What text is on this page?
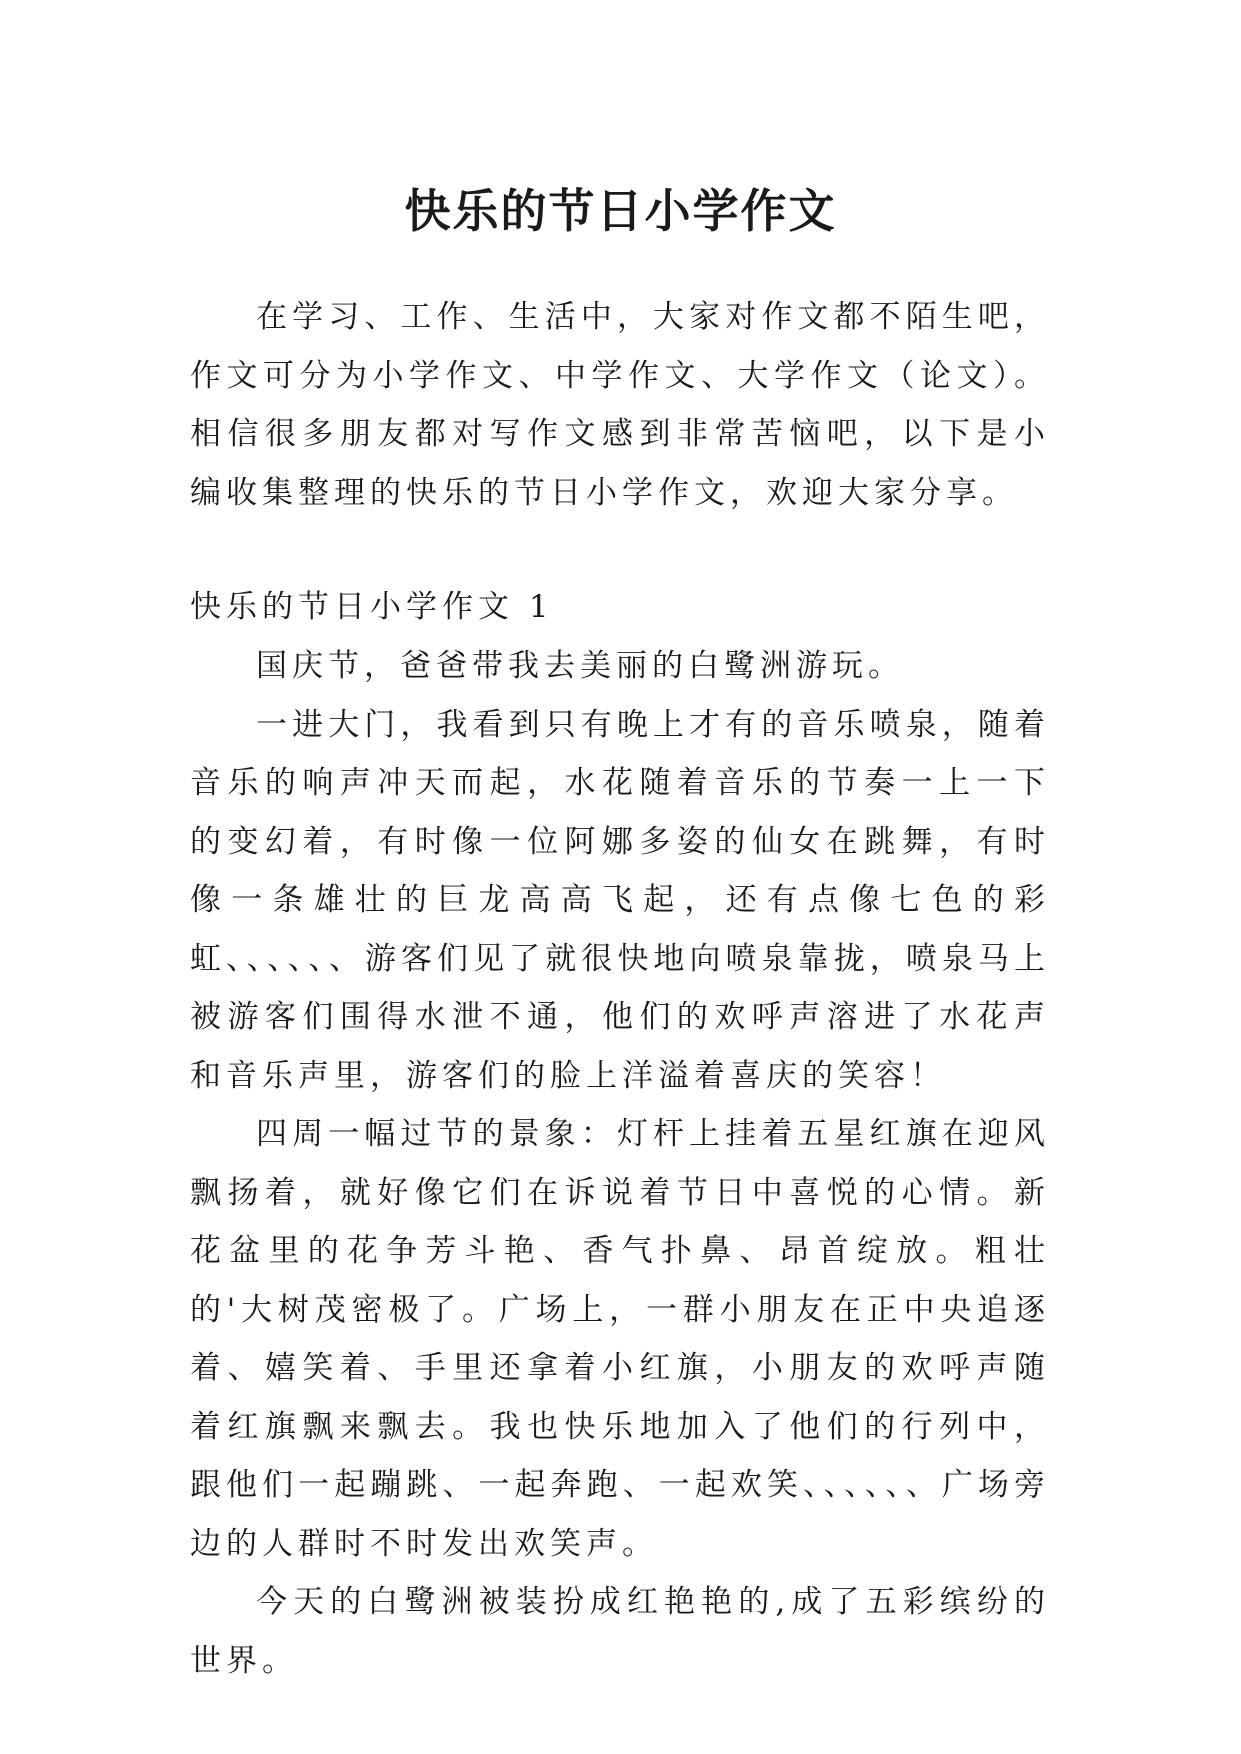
快乐的节日小学作文

在学习、工作、生活中，大家对作文都不陌生吧，作文可分为小学作文、中学作文、大学作文（论文）。相信很多朋友都对写作文感到非常苦恼吧，以下是小编收集整理的快乐的节日小学作文，欢迎大家分享。

快乐的节日小学作文 1

国庆节，爸爸带我去美丽的白鹭洲游玩。

一进大门，我看到只有晚上才有的音乐喷泉，随着音乐的响声冲天而起，水花随着音乐的节奏一上一下的变幻着，有时像一位阿娜多姿的仙女在跳舞，有时像一条雄壮的巨龙高高飞起，还有点像七色的彩虹、、、、、、游客们见了就很快地向喷泉靠拢，喷泉马上被游客们围得水泄不通，他们的欢呼声溶进了水花声和音乐声里，游客们的脸上洋溢着喜庆的笑容！

四周一幅过节的景象：灯杆上挂着五星红旗在迎风飘扬着，就好像它们在诉说着节日中喜悦的心情。新花盆里的花争芳斗艳、香气扑鼻、昂首绽放。粗壮的'大树茂密极了。广场上，一群小朋友在正中央追逐着、嬉笑着、手里还拿着小红旗，小朋友的欢呼声随着红旗飘来飘去。我也快乐地加入了他们的行列中，跟他们一起蹦跳、一起奔跑、一起欢笑、、、、、、广场旁边的人群时不时发出欢笑声。

今天的白鹭洲被装扮成红艳艳的,成了五彩缤纷的世界。
